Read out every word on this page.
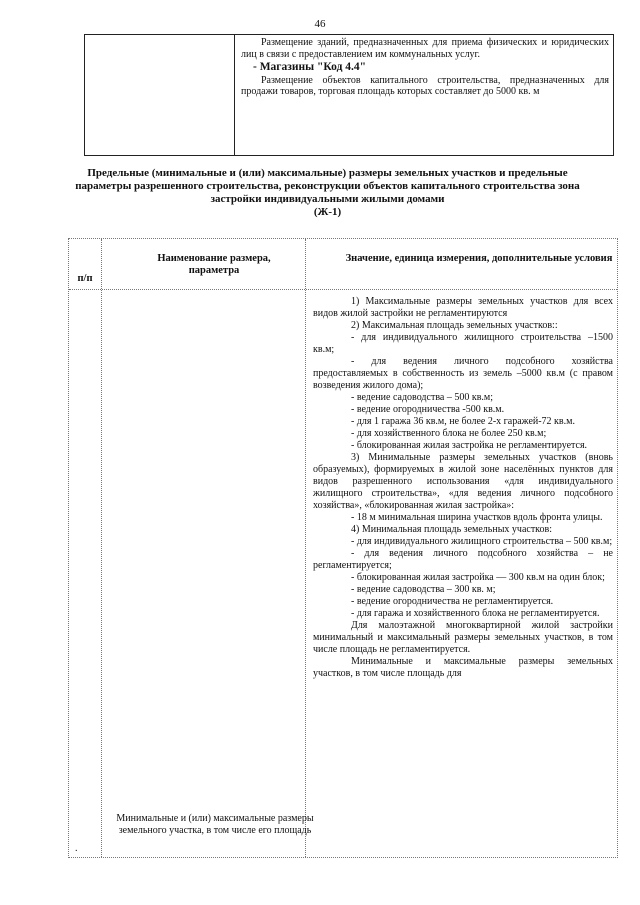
46

Размещение зданий, предназначенных для приема физических и юридических лиц в связи с предоставлением им коммунальных услуг.

- Магазины "Код 4.4"

Размещение объектов капитального строительства, предназначенных для продажи товаров, торговая площадь которых составляет до 5000 кв. м

Предельные (минимальные и (или) максимальные) размеры земельных участков и предельные параметры разрешенного строительства, реконструкции объектов капитального строительства зона застройки индивидуальными жилыми домами
(Ж-1)
п/п
Наименование размера, параметра
Значение, единица измерения, дополнительные условия
.
Минимальные и (или) максимальные размеры земельного участка, в том числе его площадь

1) Максимальные размеры земельных участков для всех видов жилой застройки не регламентируются

2) Максимальная площадь земельных участков::

- для индивидуального жилищного строительства –1500 кв.м;

- для ведения личного подсобного хозяйства предоставляемых в собственность из земель –5000 кв.м (с правом возведения жилого дома);

- ведение садоводства – 500 кв.м;

- ведение огородничества -500 кв.м.

- для 1 гаража 36 кв.м, не более 2-х гаражей-72 кв.м.

- для хозяйственного блока не более 250 кв.м;

- блокированная жилая застройка не регламентируется.

3) Минимальные размеры земельных участков (вновь образуемых), формируемых в жилой зоне населённых пунктов для видов разрешенного использования «для индивидуального жилищного строительства», «для ведения личного подсобного хозяйства», «блокированная жилая застройка»:

- 18 м минимальная ширина участков вдоль фронта улицы.

4) Минимальная площадь земельных участков:

- для индивидуального жилищного строительства – 500 кв.м;

- для ведения личного подсобного хозяйства – не регламентируется;

- блокированная жилая застройка — 300 кв.м на один блок;

- ведение садоводства – 300 кв. м;

- ведение огородничества не регламентируется.

- для гаража и хозяйственного блока не регламентируется.

Для малоэтажной многоквартирной жилой застройки минимальный и максимальный размеры земельных участков, в том числе площадь не регламентируется.

Минимальные и максимальные размеры земельных участков, в том числе площадь для
